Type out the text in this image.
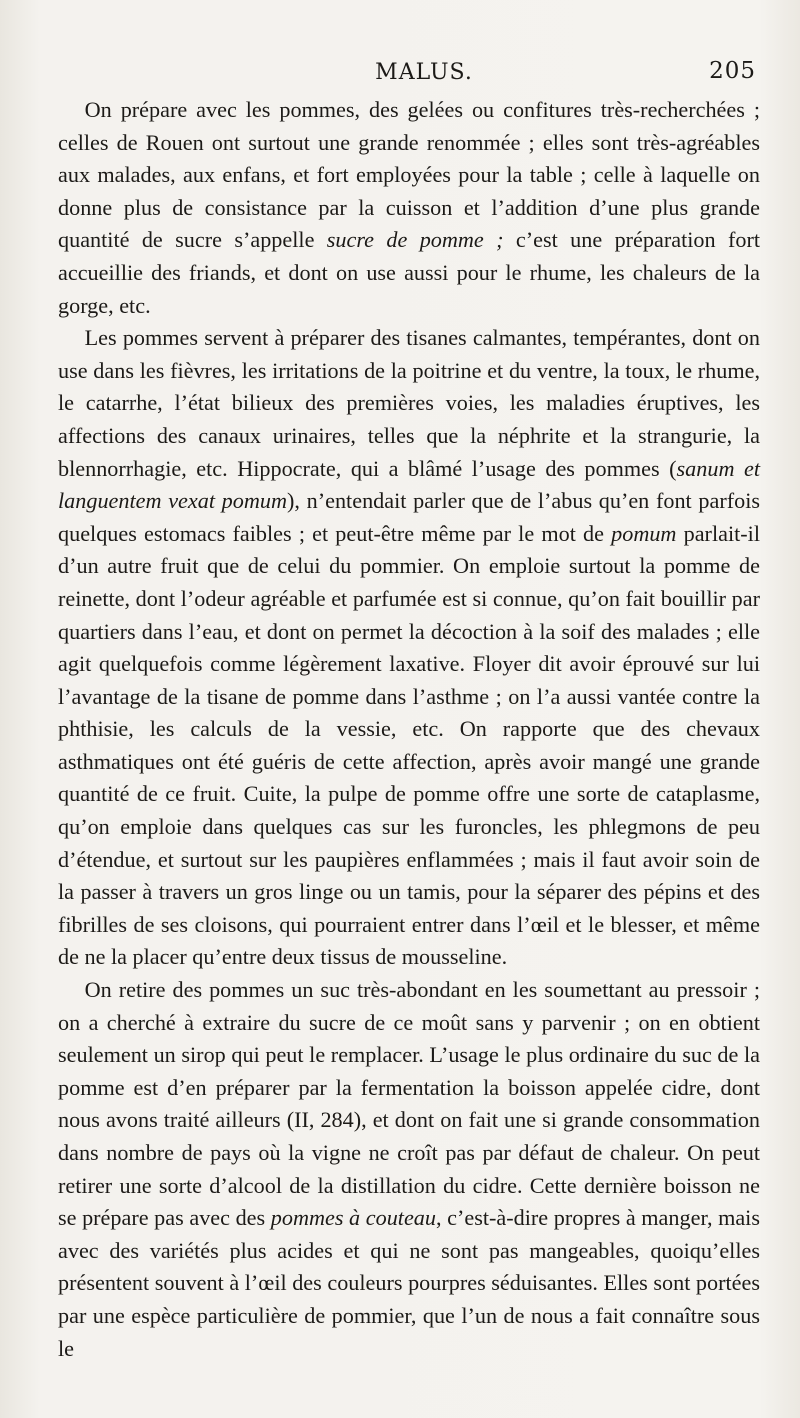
MALUS.	205

On prépare avec les pommes, des gelées ou confitures très-recherchées ; celles de Rouen ont surtout une grande renommée ; elles sont très-agréables aux malades, aux enfans, et fort employées pour la table ; celle à laquelle on donne plus de consistance par la cuisson et l’addition d’une plus grande quantité de sucre s’appelle sucre de pomme ; c’est une préparation fort accueillie des friands, et dont on use aussi pour le rhume, les chaleurs de la gorge, etc.

Les pommes servent à préparer des tisanes calmantes, tempérantes, dont on use dans les fièvres, les irritations de la poitrine et du ventre, la toux, le rhume, le catarrhe, l’état bilieux des premières voies, les maladies éruptives, les affections des canaux urinaires, telles que la néphrite et la strangurie, la blennorrhagie, etc. Hippocrate, qui a blâmé l’usage des pommes (sanum et languentem vexat pomum), n’entendait parler que de l’abus qu’en font parfois quelques estomacs faibles ; et peut-être même par le mot de pomum parlait-il d’un autre fruit que de celui du pommier. On emploie surtout la pomme de reinette, dont l’odeur agréable et parfumée est si connue, qu’on fait bouillir par quartiers dans l’eau, et dont on permet la décoction à la soif des malades ; elle agit quelquefois comme légèrement laxative. Floyer dit avoir éprouvé sur lui l’avantage de la tisane de pomme dans l’asthme ; on l’a aussi vantée contre la phthisie, les calculs de la vessie, etc. On rapporte que des chevaux asthmatiques ont été guéris de cette affection, après avoir mangé une grande quantité de ce fruit. Cuite, la pulpe de pomme offre une sorte de cataplasme, qu’on emploie dans quelques cas sur les furoncles, les phlegmons de peu d’étendue, et surtout sur les paupières enflammées ; mais il faut avoir soin de la passer à travers un gros linge ou un tamis, pour la séparer des pépins et des fibrilles de ses cloisons, qui pourraient entrer dans l’œil et le blesser, et même de ne la placer qu’entre deux tissus de mousseline.

On retire des pommes un suc très-abondant en les soumettant au pressoir ; on a cherché à extraire du sucre de ce moût sans y parvenir ; on en obtient seulement un sirop qui peut le remplacer. L’usage le plus ordinaire du suc de la pomme est d’en préparer par la fermentation la boisson appelée cidre, dont nous avons traité ailleurs (II, 284), et dont on fait une si grande consommation dans nombre de pays où la vigne ne croît pas par défaut de chaleur. On peut retirer une sorte d’alcool de la distillation du cidre. Cette dernière boisson ne se prépare pas avec des pommes à couteau, c’est-à-dire propres à manger, mais avec des variétés plus acides et qui ne sont pas mangeables, quoiqu’elles présentent souvent à l’œil des couleurs pourpres séduisantes. Elles sont portées par une espèce particulière de pommier, que l’un de nous a fait connaître sous le
